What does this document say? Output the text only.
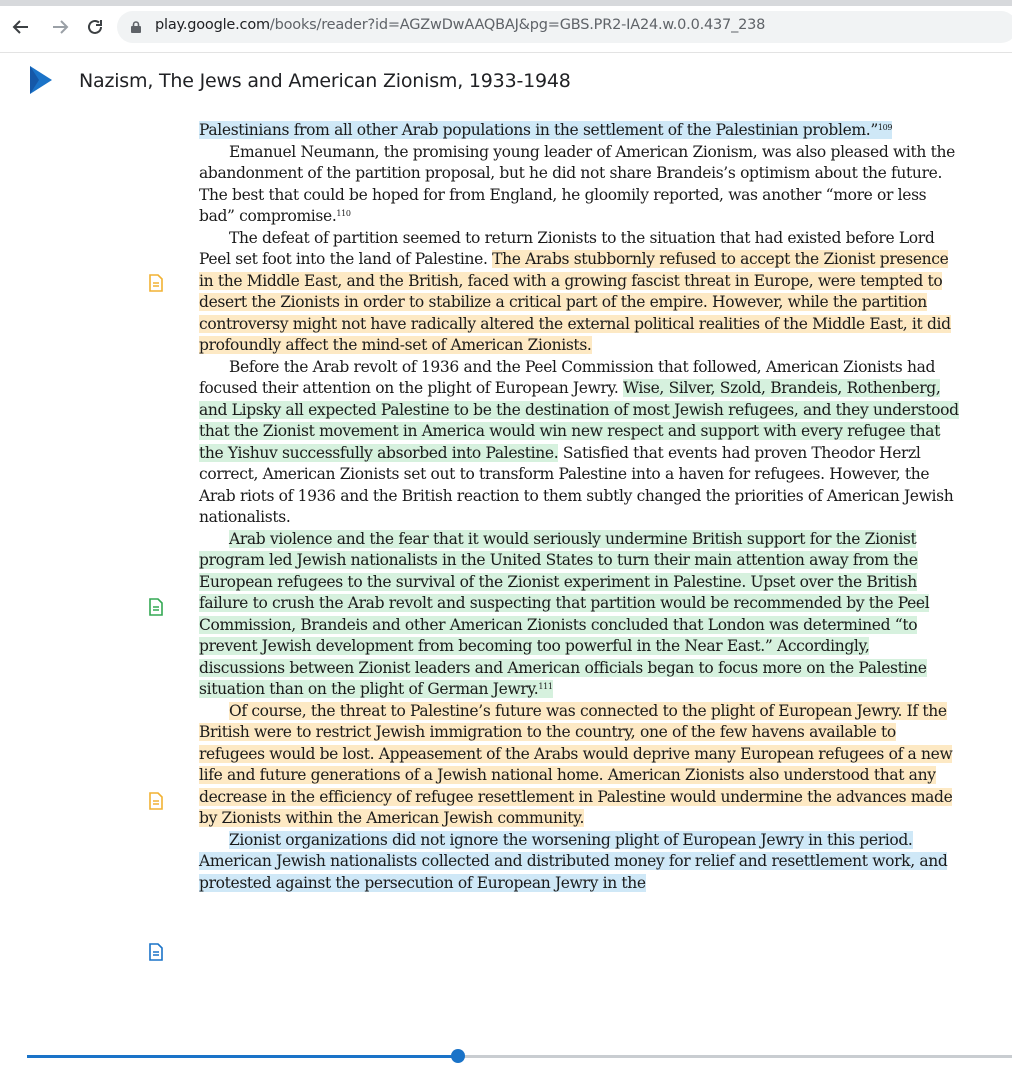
play.google.com/books/reader?id=AGZwDwAAQBAJ&pg=GBS.PR2-IA24.w.0.0.437_238
Nazism, The Jews and American Zionism, 1933-1948

Palestinians from all other Arab populations in the settlement of the Palestinian problem.”$^{109}$

Emanuel Neumann, the promising young leader of American Zionism, was also pleased with the abandonment of the partition proposal, but he did not share Brandeis’s optimism about the future. The best that could be hoped for from England, he gloomily reported, was another “more or less bad” compromise.$^{110}$

The defeat of partition seemed to return Zionists to the situation that had existed before Lord Peel set foot into the land of Palestine. The Arabs stubbornly refused to accept the Zionist presence in the Middle East, and the British, faced with a growing fascist threat in Europe, were tempted to desert the Zionists in order to stabilize a critical part of the empire. However, while the partition controversy might not have radically altered the external political realities of the Middle East, it did profoundly affect the mind-set of American Zionists.

Before the Arab revolt of 1936 and the Peel Commission that followed, American Zionists had focused their attention on the plight of European Jewry. Wise, Silver, Szold, Brandeis, Rothenberg, and Lipsky all expected Palestine to be the destination of most Jewish refugees, and they understood that the Zionist movement in America would win new respect and support with every refugee that the Yishuv successfully absorbed into Palestine. Satisfied that events had proven Theodor Herzl correct, American Zionists set out to transform Palestine into a haven for refugees. However, the Arab riots of 1936 and the British reaction to them subtly changed the priorities of American Jewish nationalists.

Arab violence and the fear that it would seriously undermine British support for the Zionist program led Jewish nationalists in the United States to turn their main attention away from the European refugees to the survival of the Zionist experiment in Palestine. Upset over the British failure to crush the Arab revolt and suspecting that partition would be recommended by the Peel Commission, Brandeis and other American Zionists concluded that London was determined “to prevent Jewish development from becoming too powerful in the Near East.” Accordingly, discussions between Zionist leaders and American officials began to focus more on the Palestine situation than on the plight of German Jewry.$^{111}$

Of course, the threat to Palestine’s future was connected to the plight of European Jewry. If the British were to restrict Jewish immigration to the country, one of the few havens available to refugees would be lost. Appeasement of the Arabs would deprive many European refugees of a new life and future generations of a Jewish national home. American Zionists also understood that any decrease in the efficiency of refugee resettlement in Palestine would undermine the advances made by Zionists within the American Jewish community.

Zionist organizations did not ignore the worsening plight of European Jewry in this period. American Jewish nationalists collected and distributed money for relief and resettlement work, and protested against the persecution of European Jewry in the
